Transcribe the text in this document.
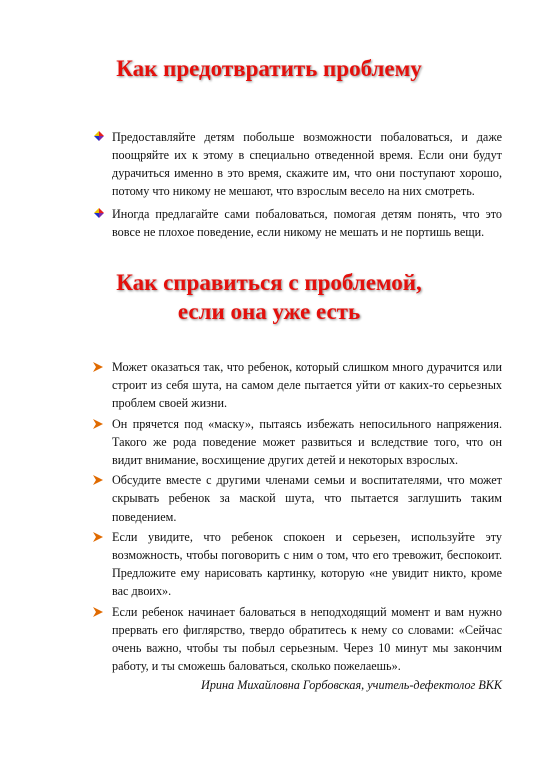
Как предотвратить проблему
Предоставляйте детям побольше возможности побаловаться, и даже поощряйте их к этому в специально отведенной время. Если они будут дурачиться именно в это время, скажите им, что они поступают хорошо, потому что никому не мешают, что взрослым весело на них смотреть.
Иногда предлагайте сами побаловаться, помогая детям понять, что это вовсе не плохое поведение, если никому не мешать и не портишь вещи.
Как справиться с проблемой,
если она уже есть
Может оказаться так, что ребенок, который слишком много дурачится или строит из себя шута, на самом деле пытается уйти от каких-то серьезных проблем своей жизни.
Он прячется под «маску», пытаясь избежать непосильного напряжения. Такого же рода поведение может развиться и вследствие того, что он видит внимание, восхищение других детей и некоторых взрослых.
Обсудите вместе с другими членами семьи и воспитателями, что может скрывать ребенок за маской шута, что пытается заглушить таким поведением.
Если увидите, что ребенок спокоен и серьезен, используйте эту возможность, чтобы поговорить с ним о том, что его тревожит, беспокоит. Предложите ему нарисовать картинку, которую «не увидит никто, кроме вас двоих».
Если ребенок начинает баловаться в неподходящий момент и вам нужно прервать его фиглярство, твердо обратитесь к нему со словами: «Сейчас очень важно, чтобы ты побыл серьезным. Через 10 минут мы закончим работу, и ты сможешь баловаться, сколько пожелаешь».
Ирина Михайловна Горбовская, учитель-дефектолог ВКК
